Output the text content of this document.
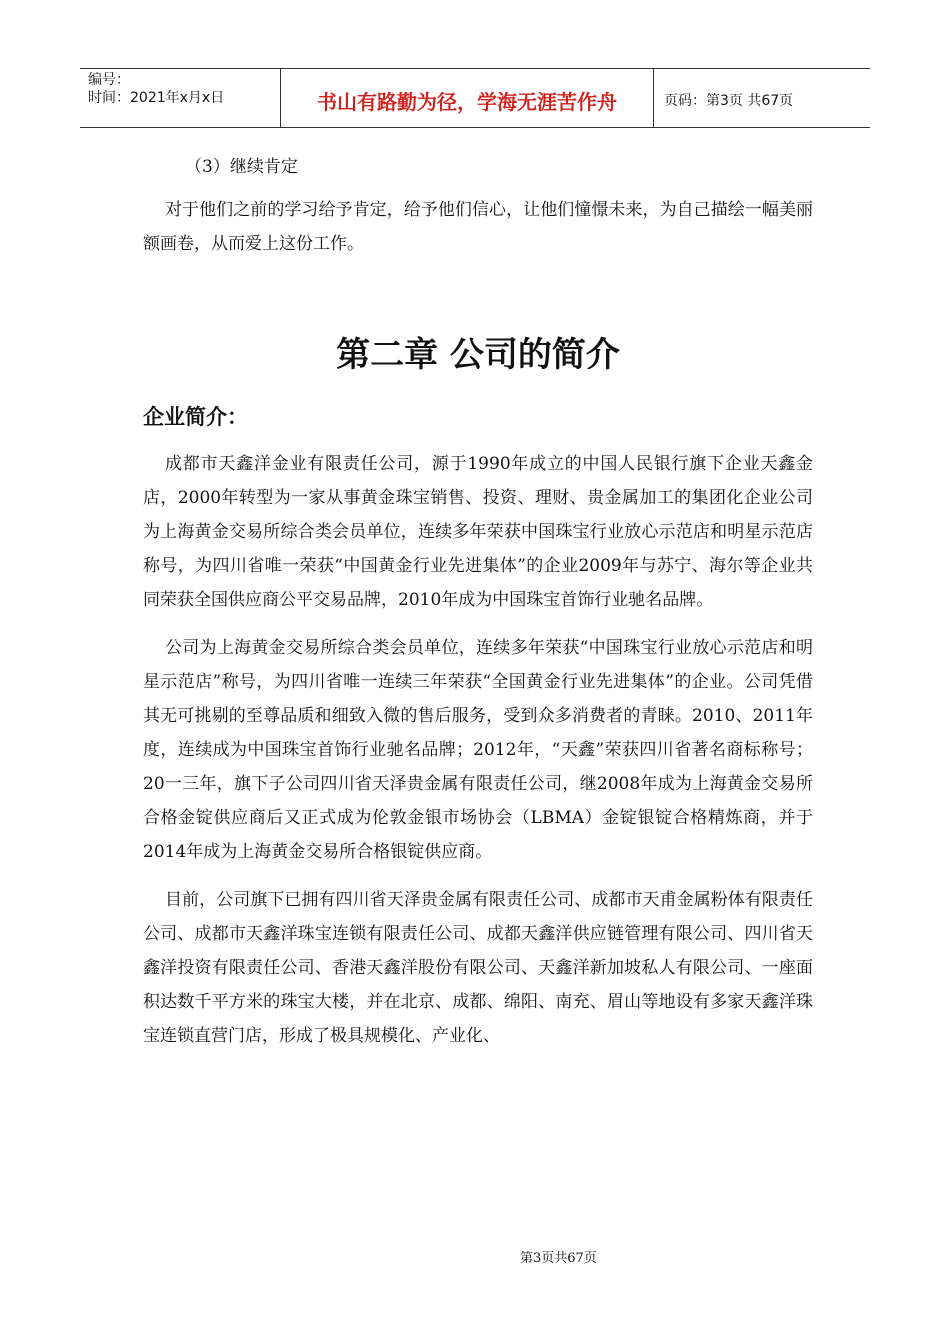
编号：
时间：2021年x月x日	书山有路勤为径，学海无涯苦作舟	页码：第3页 共67页

（3）继续肯定

对于他们之前的学习给予肯定，给予他们信心，让他们憧憬未来，为自己描绘一幅美丽额画卷，从而爱上这份工作。

第二章 公司的简介
企业简介：

成都市天鑫洋金业有限责任公司，源于1990年成立的中国人民银行旗下企业天鑫金店，2000年转型为一家从事黄金珠宝销售、投资、理财、贵金属加工的集团化企业公司为上海黄金交易所综合类会员单位，连续多年荣获中国珠宝行业放心示范店和明星示范店称号，为四川省唯一荣获“中国黄金行业先进集体”的企业2009年与苏宁、海尔等企业共同荣获全国供应商公平交易品牌，2010年成为中国珠宝首饰行业驰名品牌。

公司为上海黄金交易所综合类会员单位，连续多年荣获“中国珠宝行业放心示范店和明星示范店”称号，为四川省唯一连续三年荣获“全国黄金行业先进集体”的企业。公司凭借其无可挑剔的至尊品质和细致入微的售后服务，受到众多消费者的青睐。2010、2011年度，连续成为中国珠宝首饰行业驰名品牌；2012年，“天鑫”荣获四川省著名商标称号；20一三年，旗下子公司四川省天泽贵金属有限责任公司，继2008年成为上海黄金交易所合格金锭供应商后又正式成为伦敦金银市场协会（LBMA）金锭银锭合格精炼商，并于2014年成为上海黄金交易所合格银锭供应商。

目前，公司旗下已拥有四川省天泽贵金属有限责任公司、成都市天甫金属粉体有限责任公司、成都市天鑫洋珠宝连锁有限责任公司、成都天鑫洋供应链管理有限公司、四川省天鑫洋投资有限责任公司、香港天鑫洋股份有限公司、天鑫洋新加坡私人有限公司、一座面积达数千平方米的珠宝大楼，并在北京、成都、绵阳、南充、眉山等地设有多家天鑫洋珠宝连锁直营门店，形成了极具规模化、产业化、

第3页共67页
